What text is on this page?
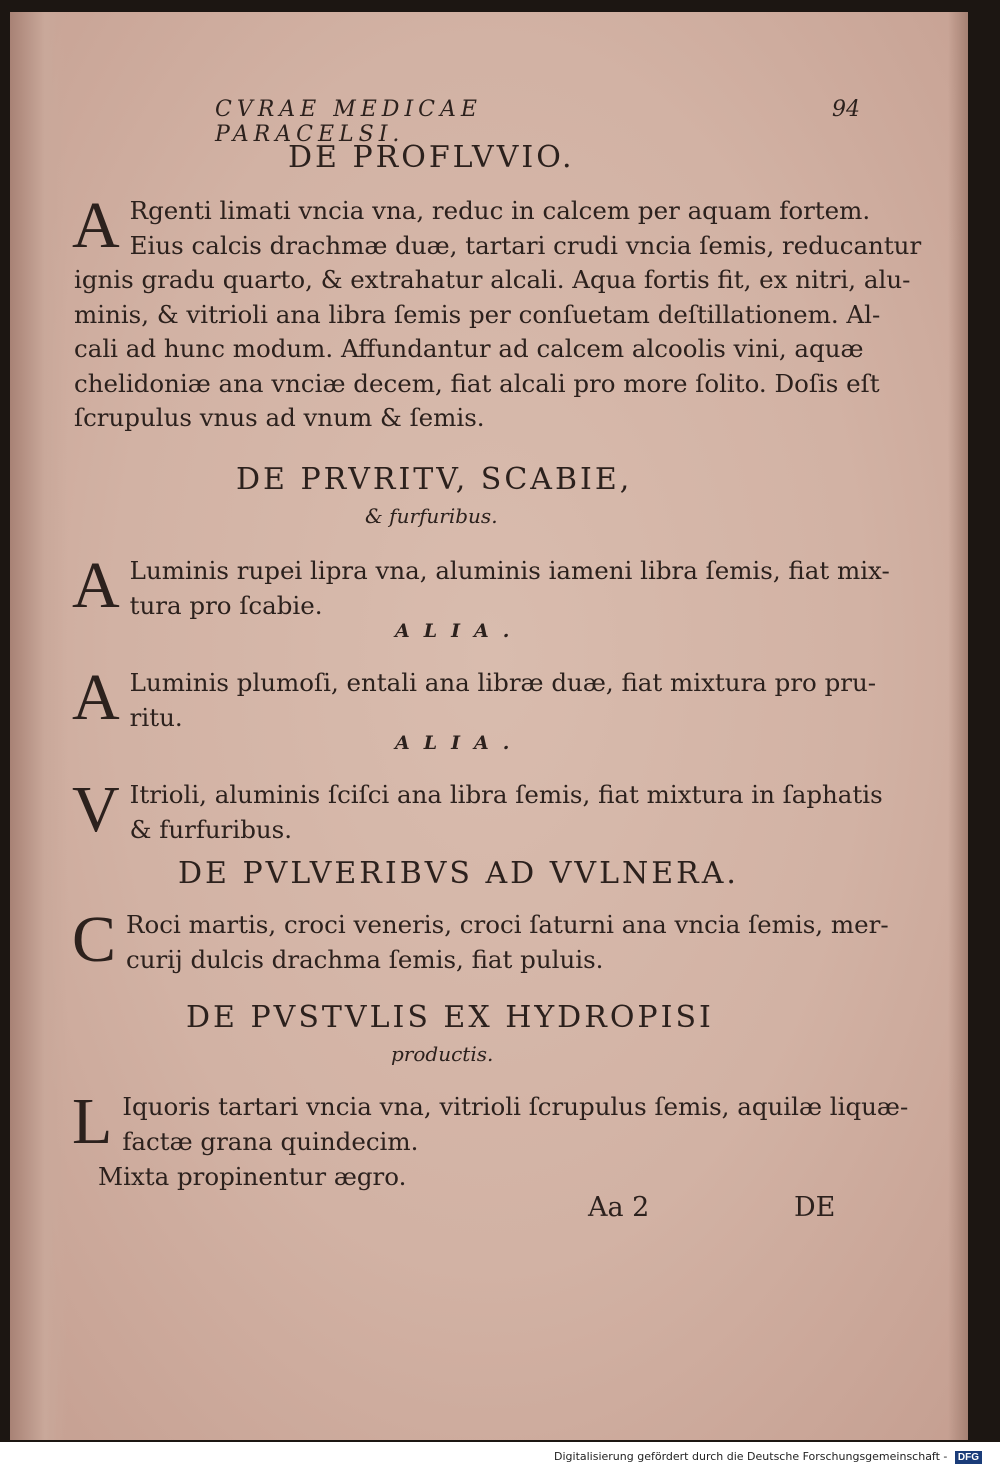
CVRAE MEDICAE PARACELSI.
94
DE PROFLVVIO.
A Rgenti limati vncia vna, reduc in calcem per aquam fortem.
Eius calcis drachmæ duæ, tartari crudi vncia ſemis, reducantur
ignis gradu quarto, & extrahatur alcali. Aqua fortis fit, ex nitri, alu-
minis, & vitrioli ana libra ſemis per conſuetam deſtillationem. Al-
cali ad hunc modum. Affundantur ad calcem alcoolis vini, aquæ
chelidoniæ ana vnciæ decem, fiat alcali pro more ſolito. Doſis eſt
ſcrupulus vnus ad vnum & ſemis.
DE PRVRITV, SCABIE,
& furfuribus.
A Luminis rupei lipra vna, aluminis iameni libra ſemis, fiat mix-
tura pro ſcabie.
ALIA.
A Luminis plumoſi, entali ana libræ duæ, fiat mixtura pro pru-
ritu.
ALIA.
V Itrioli, aluminis ſciſci ana libra ſemis, fiat mixtura in ſaphatis
& furfuribus.
DE PVLVERIBVS AD VVLNERA.
C Roci martis, croci veneris, croci ſaturni ana vncia ſemis, mer-
curij dulcis drachma ſemis, fiat puluis.
DE PVSTVLIS EX HYDROPISI
productis.
L Iquoris tartari vncia vna, vitrioli ſcrupulus ſemis, aquilæ liquæ-
factæ grana quindecim.
Mixta propinentur ægro.
Aa 2	DE
Digitalisierung gefördert durch die Deutsche Forschungsgemeinschaft - DFG
